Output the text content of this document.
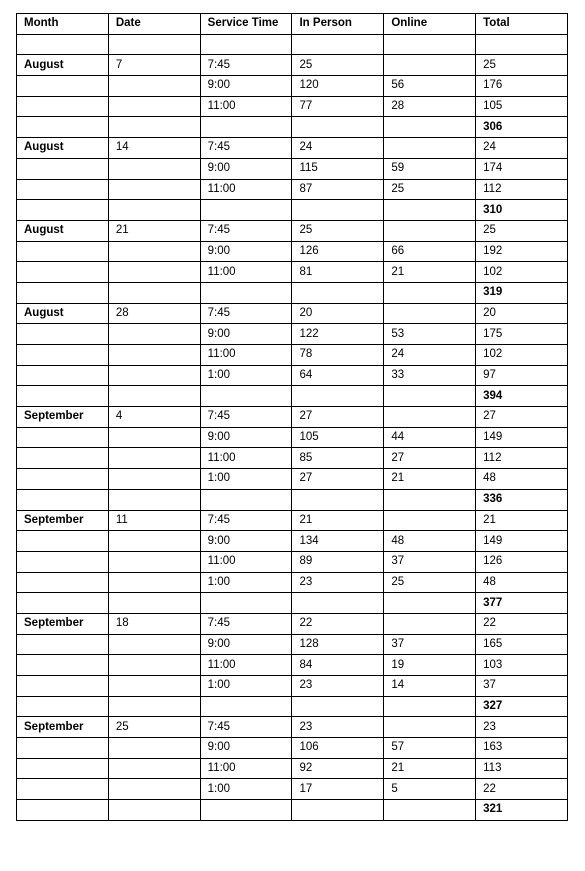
Month	Date	Service Time	In Person	Online	Total

August	7	7:45	25		25
		9:00	120	56	176
		11:00	77	28	105
					306
August	14	7:45	24		24
		9:00	115	59	174
		11:00	87	25	112
					310
August	21	7:45	25		25
		9:00	126	66	192
		11:00	81	21	102
					319
August	28	7:45	20		20
		9:00	122	53	175
		11:00	78	24	102
		1:00	64	33	97
					394
September	4	7:45	27		27
		9:00	105	44	149
		11:00	85	27	112
		1:00	27	21	48
					336
September	11	7:45	21		21
		9:00	134	48	149
		11:00	89	37	126
		1:00	23	25	48
					377
September	18	7:45	22		22
		9:00	128	37	165
		11:00	84	19	103
		1:00	23	14	37
					327
September	25	7:45	23		23
		9:00	106	57	163
		11:00	92	21	113
		1:00	17	5	22
					321
